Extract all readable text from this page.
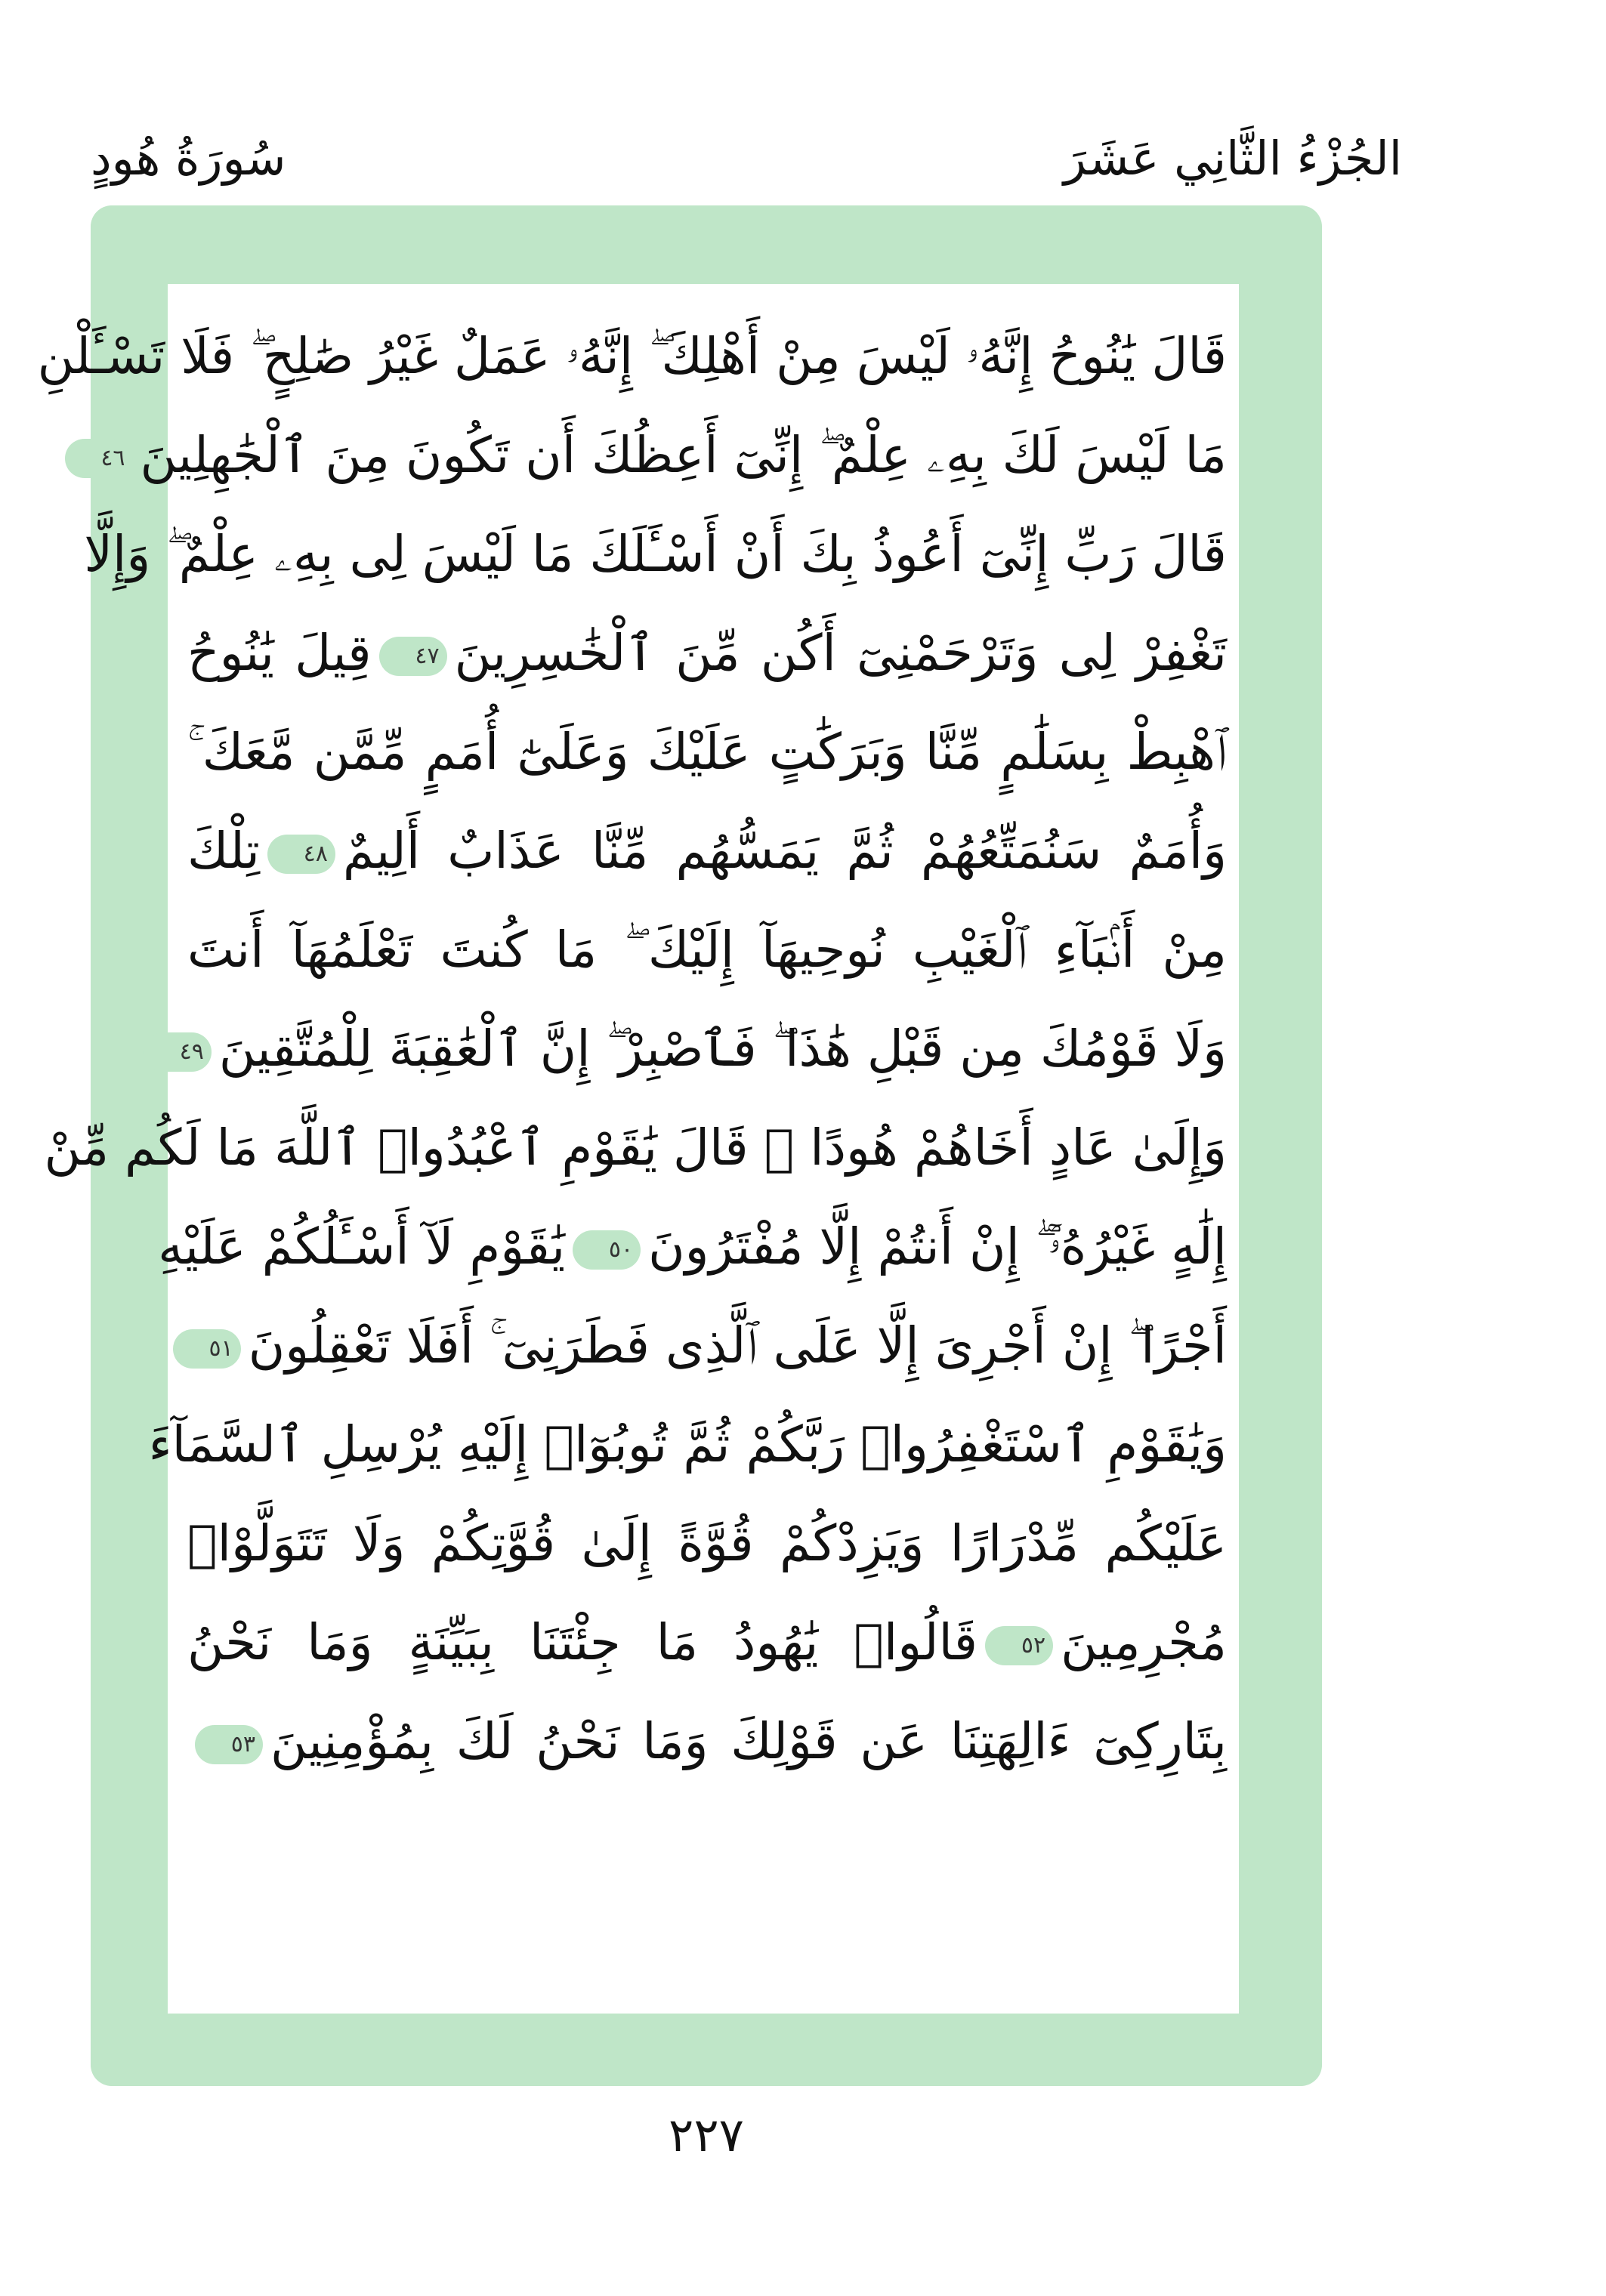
سُورَةُ هُودٍ	الجُزْءُ الثَّانِي عَشَرَ
قَالَ يَٰنُوحُ إِنَّهُۥ لَيْسَ مِنْ أَهْلِكَ ۖ إِنَّهُۥ عَمَلٌ غَيْرُ صَٰلِحٍ ۖ فَلَا تَسْـَٔلْنِ
مَا لَيْسَ لَكَ بِهِۦ عِلْمٌ ۖ إِنِّىٓ أَعِظُكَ أَن تَكُونَ مِنَ ٱلْجَٰهِلِينَ٤٦
قَالَ رَبِّ إِنِّىٓ أَعُوذُ بِكَ أَنْ أَسْـَٔلَكَ مَا لَيْسَ لِى بِهِۦ عِلْمٌ ۖ وَإِلَّا
تَغْفِرْ لِى وَتَرْحَمْنِىٓ أَكُن مِّنَ ٱلْخَٰسِرِينَ٤٧قِيلَ يَٰنُوحُ
ٱهْبِطْ بِسَلَٰمٍ مِّنَّا وَبَرَكَٰتٍ عَلَيْكَ وَعَلَىٰٓ أُمَمٍ مِّمَّن مَّعَكَ ۚ
وَأُمَمٌ سَنُمَتِّعُهُمْ ثُمَّ يَمَسُّهُم مِّنَّا عَذَابٌ أَلِيمٌ٤٨تِلْكَ
مِنْ أَنۢبَآءِ ٱلْغَيْبِ نُوحِيهَآ إِلَيْكَ ۖ مَا كُنتَ تَعْلَمُهَآ أَنتَ
وَلَا قَوْمُكَ مِن قَبْلِ هَٰذَا ۖ فَٱصْبِرْ ۖ إِنَّ ٱلْعَٰقِبَةَ لِلْمُتَّقِينَ٤٩
وَإِلَىٰ عَادٍ أَخَاهُمْ هُودًا ۚ قَالَ يَٰقَوْمِ ٱعْبُدُوا۟ ٱللَّهَ مَا لَكُم مِّنْ
إِلَٰهٍ غَيْرُهُۥٓ ۖ إِنْ أَنتُمْ إِلَّا مُفْتَرُونَ٥٠يَٰقَوْمِ لَآ أَسْـَٔلُكُمْ عَلَيْهِ
أَجْرًا ۖ إِنْ أَجْرِىَ إِلَّا عَلَى ٱلَّذِى فَطَرَنِىٓ ۚ أَفَلَا تَعْقِلُونَ٥١
وَيَٰقَوْمِ ٱسْتَغْفِرُوا۟ رَبَّكُمْ ثُمَّ تُوبُوٓا۟ إِلَيْهِ يُرْسِلِ ٱلسَّمَآءَ
عَلَيْكُم مِّدْرَارًا وَيَزِدْكُمْ قُوَّةً إِلَىٰ قُوَّتِكُمْ وَلَا تَتَوَلَّوْا۟
مُجْرِمِينَ٥٢قَالُوا۟ يَٰهُودُ مَا جِئْتَنَا بِبَيِّنَةٍ وَمَا نَحْنُ
بِتَارِكِىٓ ءَالِهَتِنَا عَن قَوْلِكَ وَمَا نَحْنُ لَكَ بِمُؤْمِنِينَ٥٣
٢٢٧
